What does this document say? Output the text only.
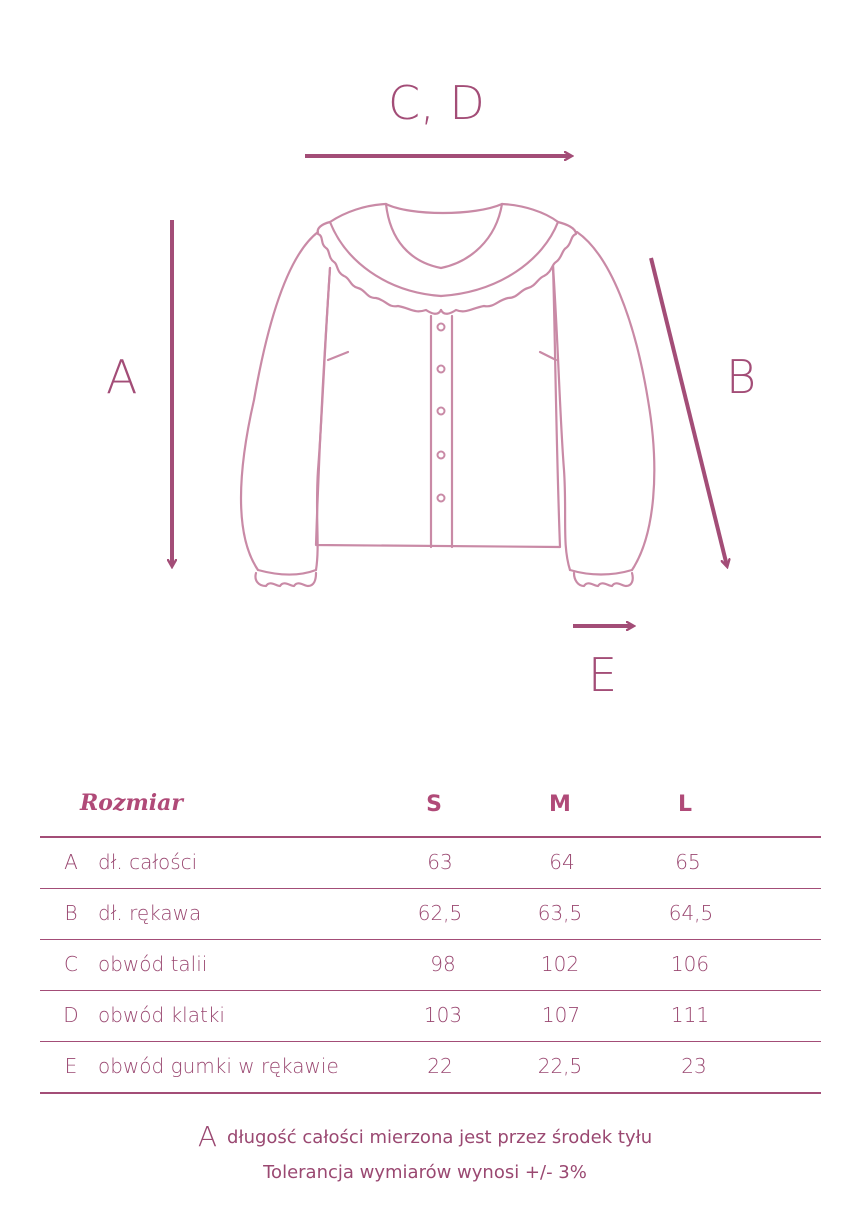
C, D
A	B
E
Rozmiar	S	M	L
A dł. całości	63	64	65
B dł. rękawa	62,5	63,5	64,5
C obwód talii	98	102	106
D obwód klatki	103	107	111
E obwód gumki w rękawie	22	22,5	23
Adługość całości mierzona jest przez środek tyłu
Tolerancja wymiarów wynosi +/- 3%
